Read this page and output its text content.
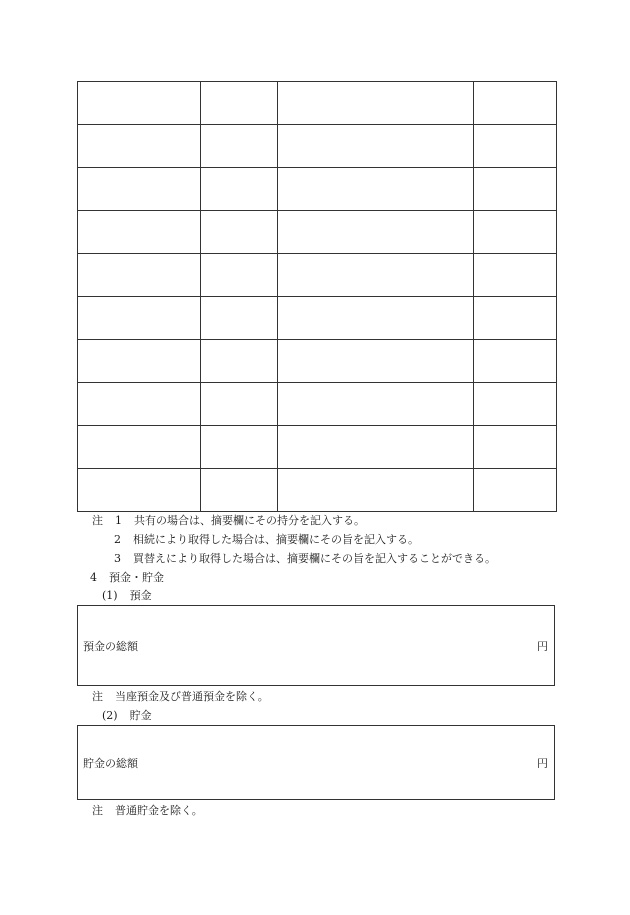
注 1 共有の場合は、摘要欄にその持分を記入する。
2 相続により取得した場合は、摘要欄にその旨を記入する。
3 買替えにより取得した場合は、摘要欄にその旨を記入することができる。
4 預金・貯金
(1) 預金
預金の総額	円
注 当座預金及び普通預金を除く。
(2) 貯金
貯金の総額	円
注 普通貯金を除く。
